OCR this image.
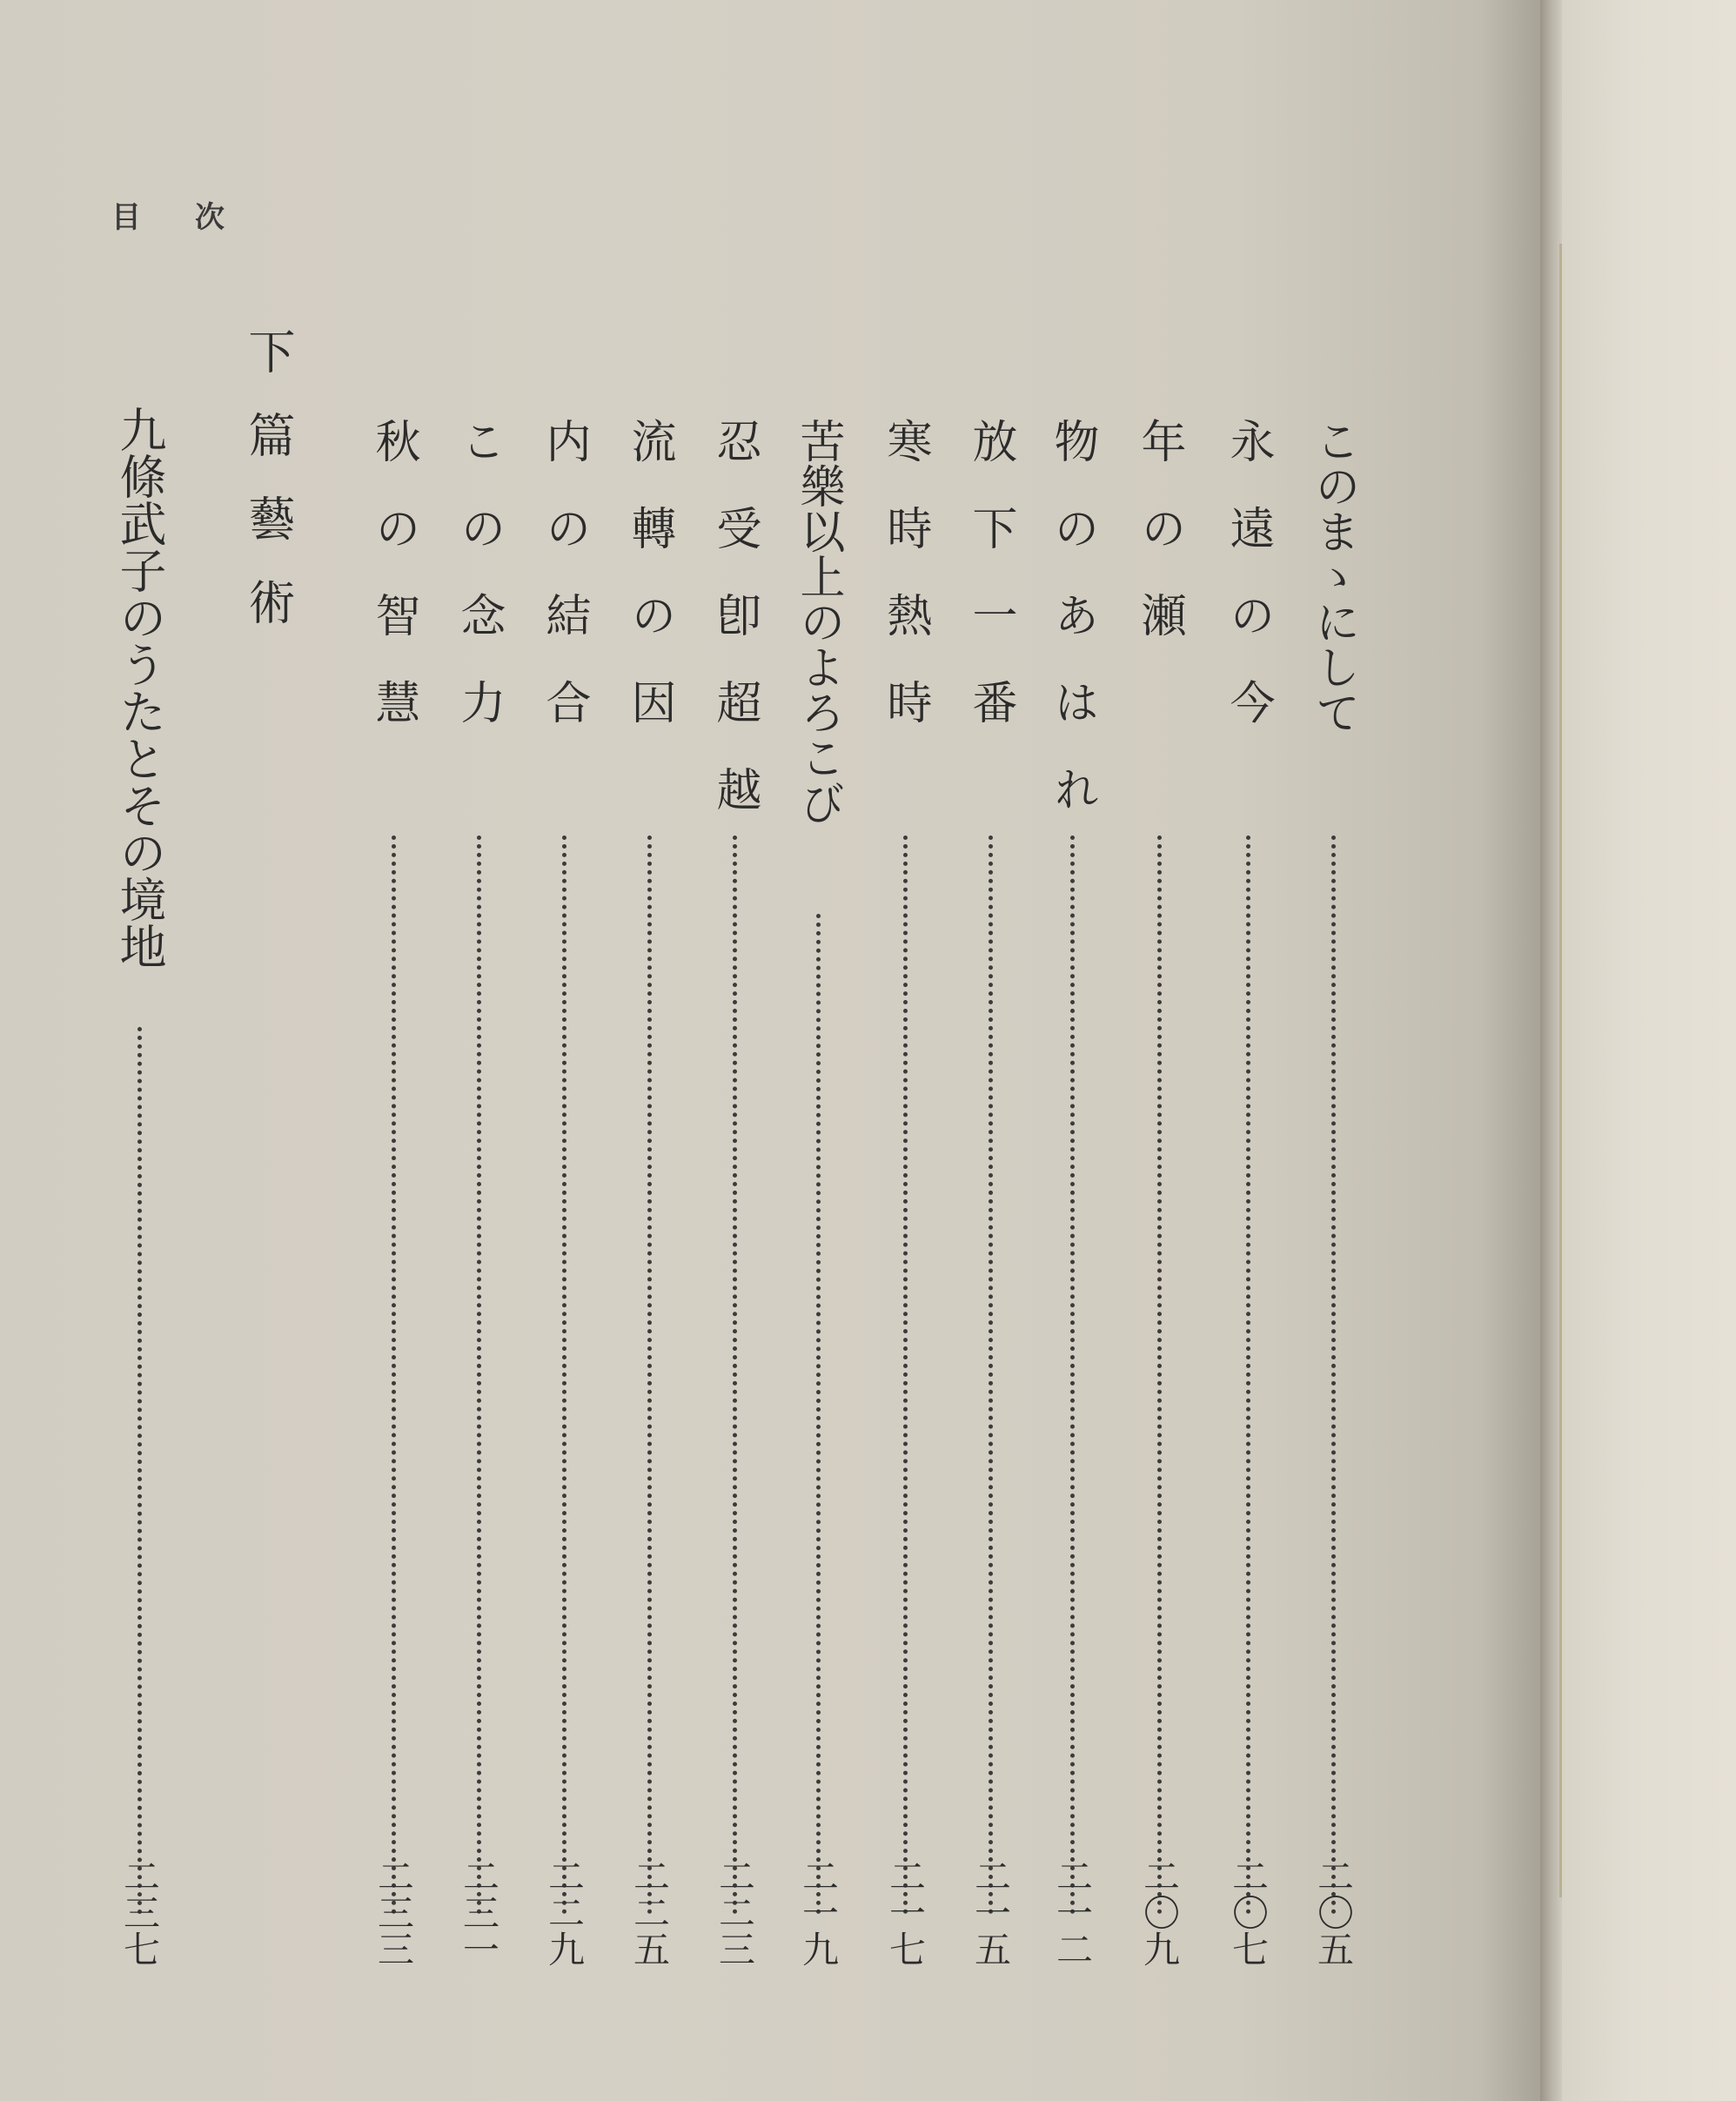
目次
このまゝにして
二〇五
永遠の今
二〇七
年の瀬
二〇九
物のあはれ
二一二
放下一番
二一五
寒時熱時
二一七
苦樂以上のよろこび
二一九
忍受卽超越
二二三
流轉の因
二二五
内の結合
二二九
この念力
二三一
秋の智慧
二三三
下篇藝術
九條武子のうたとその境地
二三七
